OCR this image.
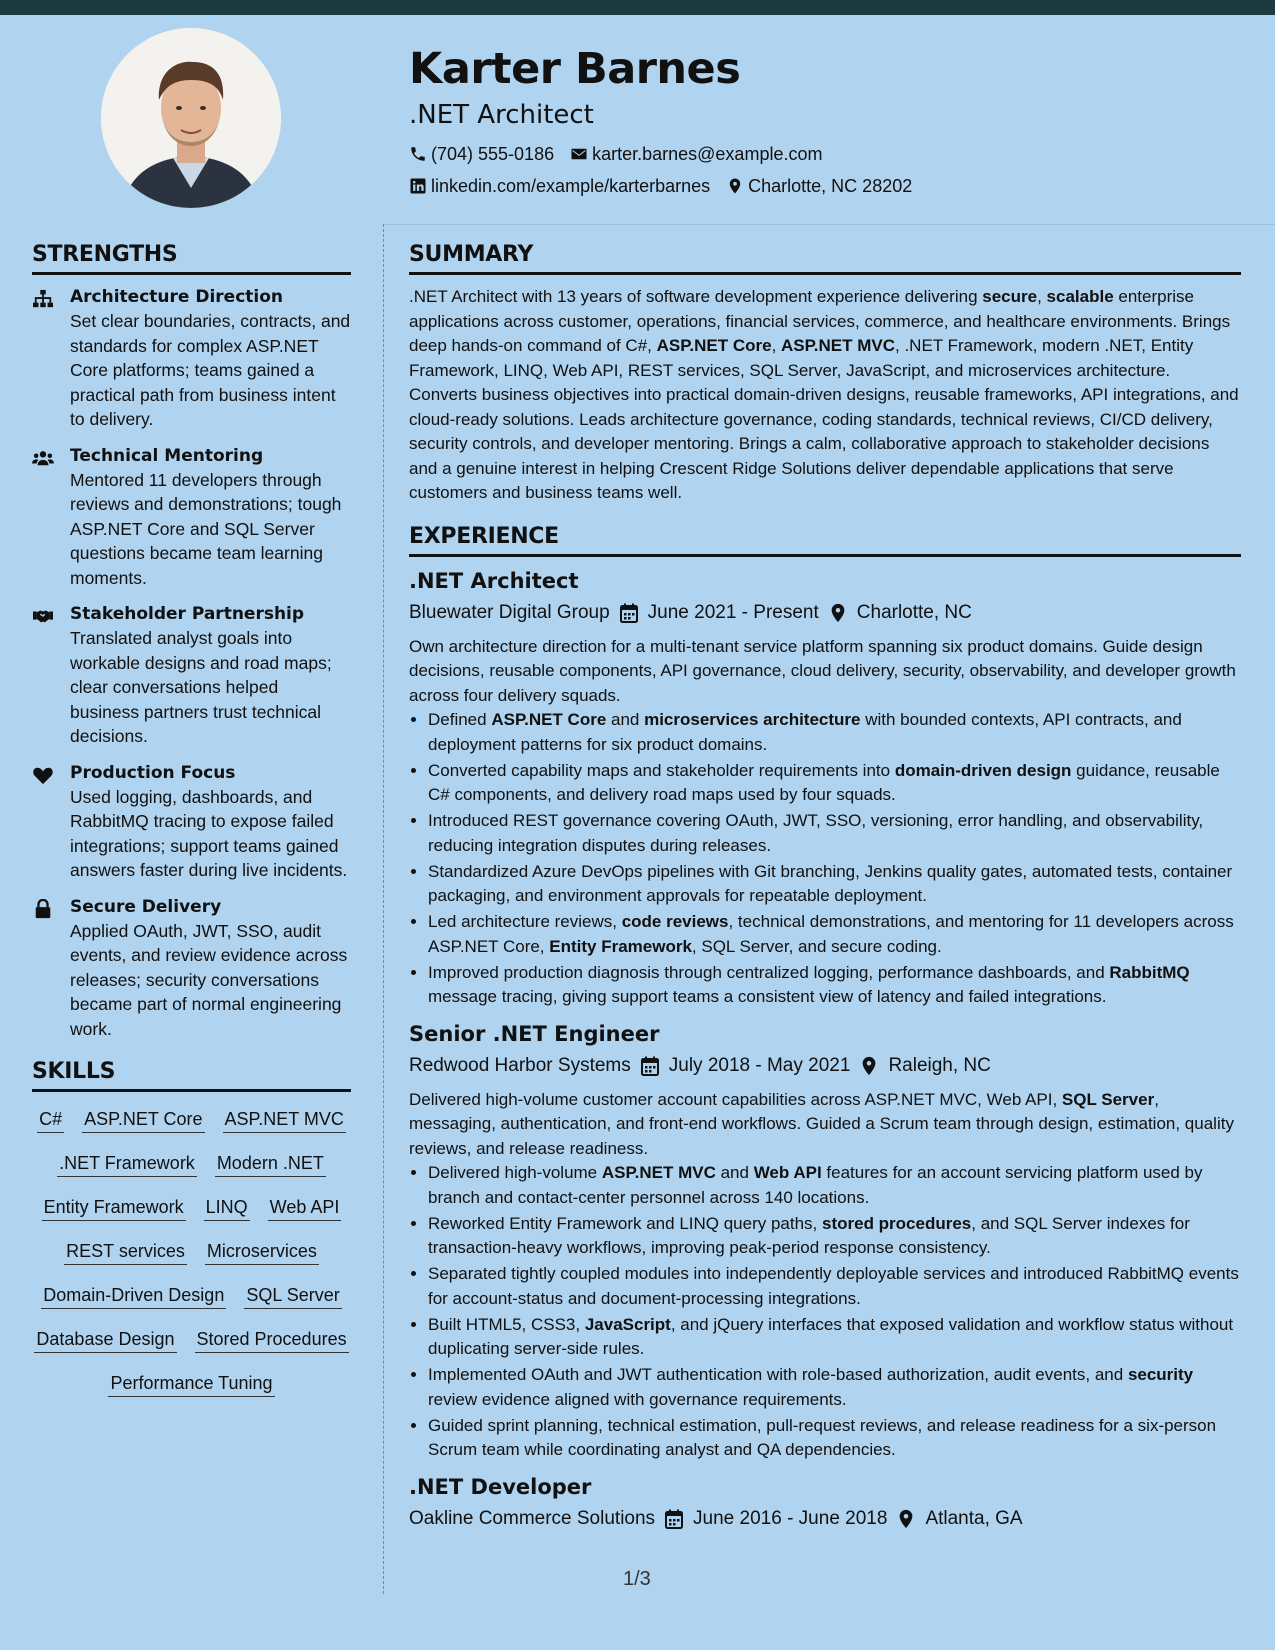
Karter Barnes
.NET Architect
(704) 555-0186 karter.barnes@example.com
linkedin.com/example/karterbarnes Charlotte, NC 28202
STRENGTHS
Architecture Direction
Set clear boundaries, contracts, and standards for complex ASP.NET Core platforms; teams gained a practical path from business intent to delivery.
Technical Mentoring
Mentored 11 developers through reviews and demonstrations; tough ASP.NET Core and SQL Server questions became team learning moments.
Stakeholder Partnership
Translated analyst goals into workable designs and road maps; clear conversations helped business partners trust technical decisions.
Production Focus
Used logging, dashboards, and RabbitMQ tracing to expose failed integrations; support teams gained answers faster during live incidents.
Secure Delivery
Applied OAuth, JWT, SSO, audit events, and review evidence across releases; security conversations became part of normal engineering work.
SKILLS
C# ASP.NET Core ASP.NET MVC
.NET Framework Modern .NET
Entity Framework LINQ Web API
REST services Microservices
Domain-Driven Design SQL Server
Database Design Stored Procedures
Performance Tuning
SUMMARY

.NET Architect with 13 years of software development experience delivering secure, scalable enterprise applications across customer, operations, financial services, commerce, and healthcare environments. Brings deep hands-on command of C#, ASP.NET Core, ASP.NET MVC, .NET Framework, modern .NET, Entity Framework, LINQ, Web API, REST services, SQL Server, JavaScript, and microservices architecture. Converts business objectives into practical domain-driven designs, reusable frameworks, API integrations, and cloud-ready solutions. Leads architecture governance, coding standards, technical reviews, CI/CD delivery, security controls, and developer mentoring. Brings a calm, collaborative approach to stakeholder decisions and a genuine interest in helping Crescent Ridge Solutions deliver dependable applications that serve customers and business teams well.

EXPERIENCE
.NET Architect
Bluewater Digital Group June 2021 - Present Charlotte, NC

Own architecture direction for a multi-tenant service platform spanning six product domains. Guide design decisions, reusable components, API governance, cloud delivery, security, observability, and developer growth across four delivery squads.

• Defined ASP.NET Core and microservices architecture with bounded contexts, API contracts, and deployment patterns for six product domains.
• Converted capability maps and stakeholder requirements into domain-driven design guidance, reusable C# components, and delivery road maps used by four squads.
• Introduced REST governance covering OAuth, JWT, SSO, versioning, error handling, and observability, reducing integration disputes during releases.
• Standardized Azure DevOps pipelines with Git branching, Jenkins quality gates, automated tests, container packaging, and environment approvals for repeatable deployment.
• Led architecture reviews, code reviews, technical demonstrations, and mentoring for 11 developers across ASP.NET Core, Entity Framework, SQL Server, and secure coding.
• Improved production diagnosis through centralized logging, performance dashboards, and RabbitMQ message tracing, giving support teams a consistent view of latency and failed integrations.
Senior .NET Engineer
Redwood Harbor Systems July 2018 - May 2021 Raleigh, NC

Delivered high-volume customer account capabilities across ASP.NET MVC, Web API, SQL Server, messaging, authentication, and front-end workflows. Guided a Scrum team through design, estimation, quality reviews, and release readiness.

• Delivered high-volume ASP.NET MVC and Web API features for an account servicing platform used by branch and contact-center personnel across 140 locations.
• Reworked Entity Framework and LINQ query paths, stored procedures, and SQL Server indexes for transaction-heavy workflows, improving peak-period response consistency.
• Separated tightly coupled modules into independently deployable services and introduced RabbitMQ events for account-status and document-processing integrations.
• Built HTML5, CSS3, JavaScript, and jQuery interfaces that exposed validation and workflow status without duplicating server-side rules.
• Implemented OAuth and JWT authentication with role-based authorization, audit events, and security review evidence aligned with governance requirements.
• Guided sprint planning, technical estimation, pull-request reviews, and release readiness for a six-person Scrum team while coordinating analyst and QA dependencies.
.NET Developer
Oakline Commerce Solutions June 2016 - June 2018 Atlanta, GA
1/3
